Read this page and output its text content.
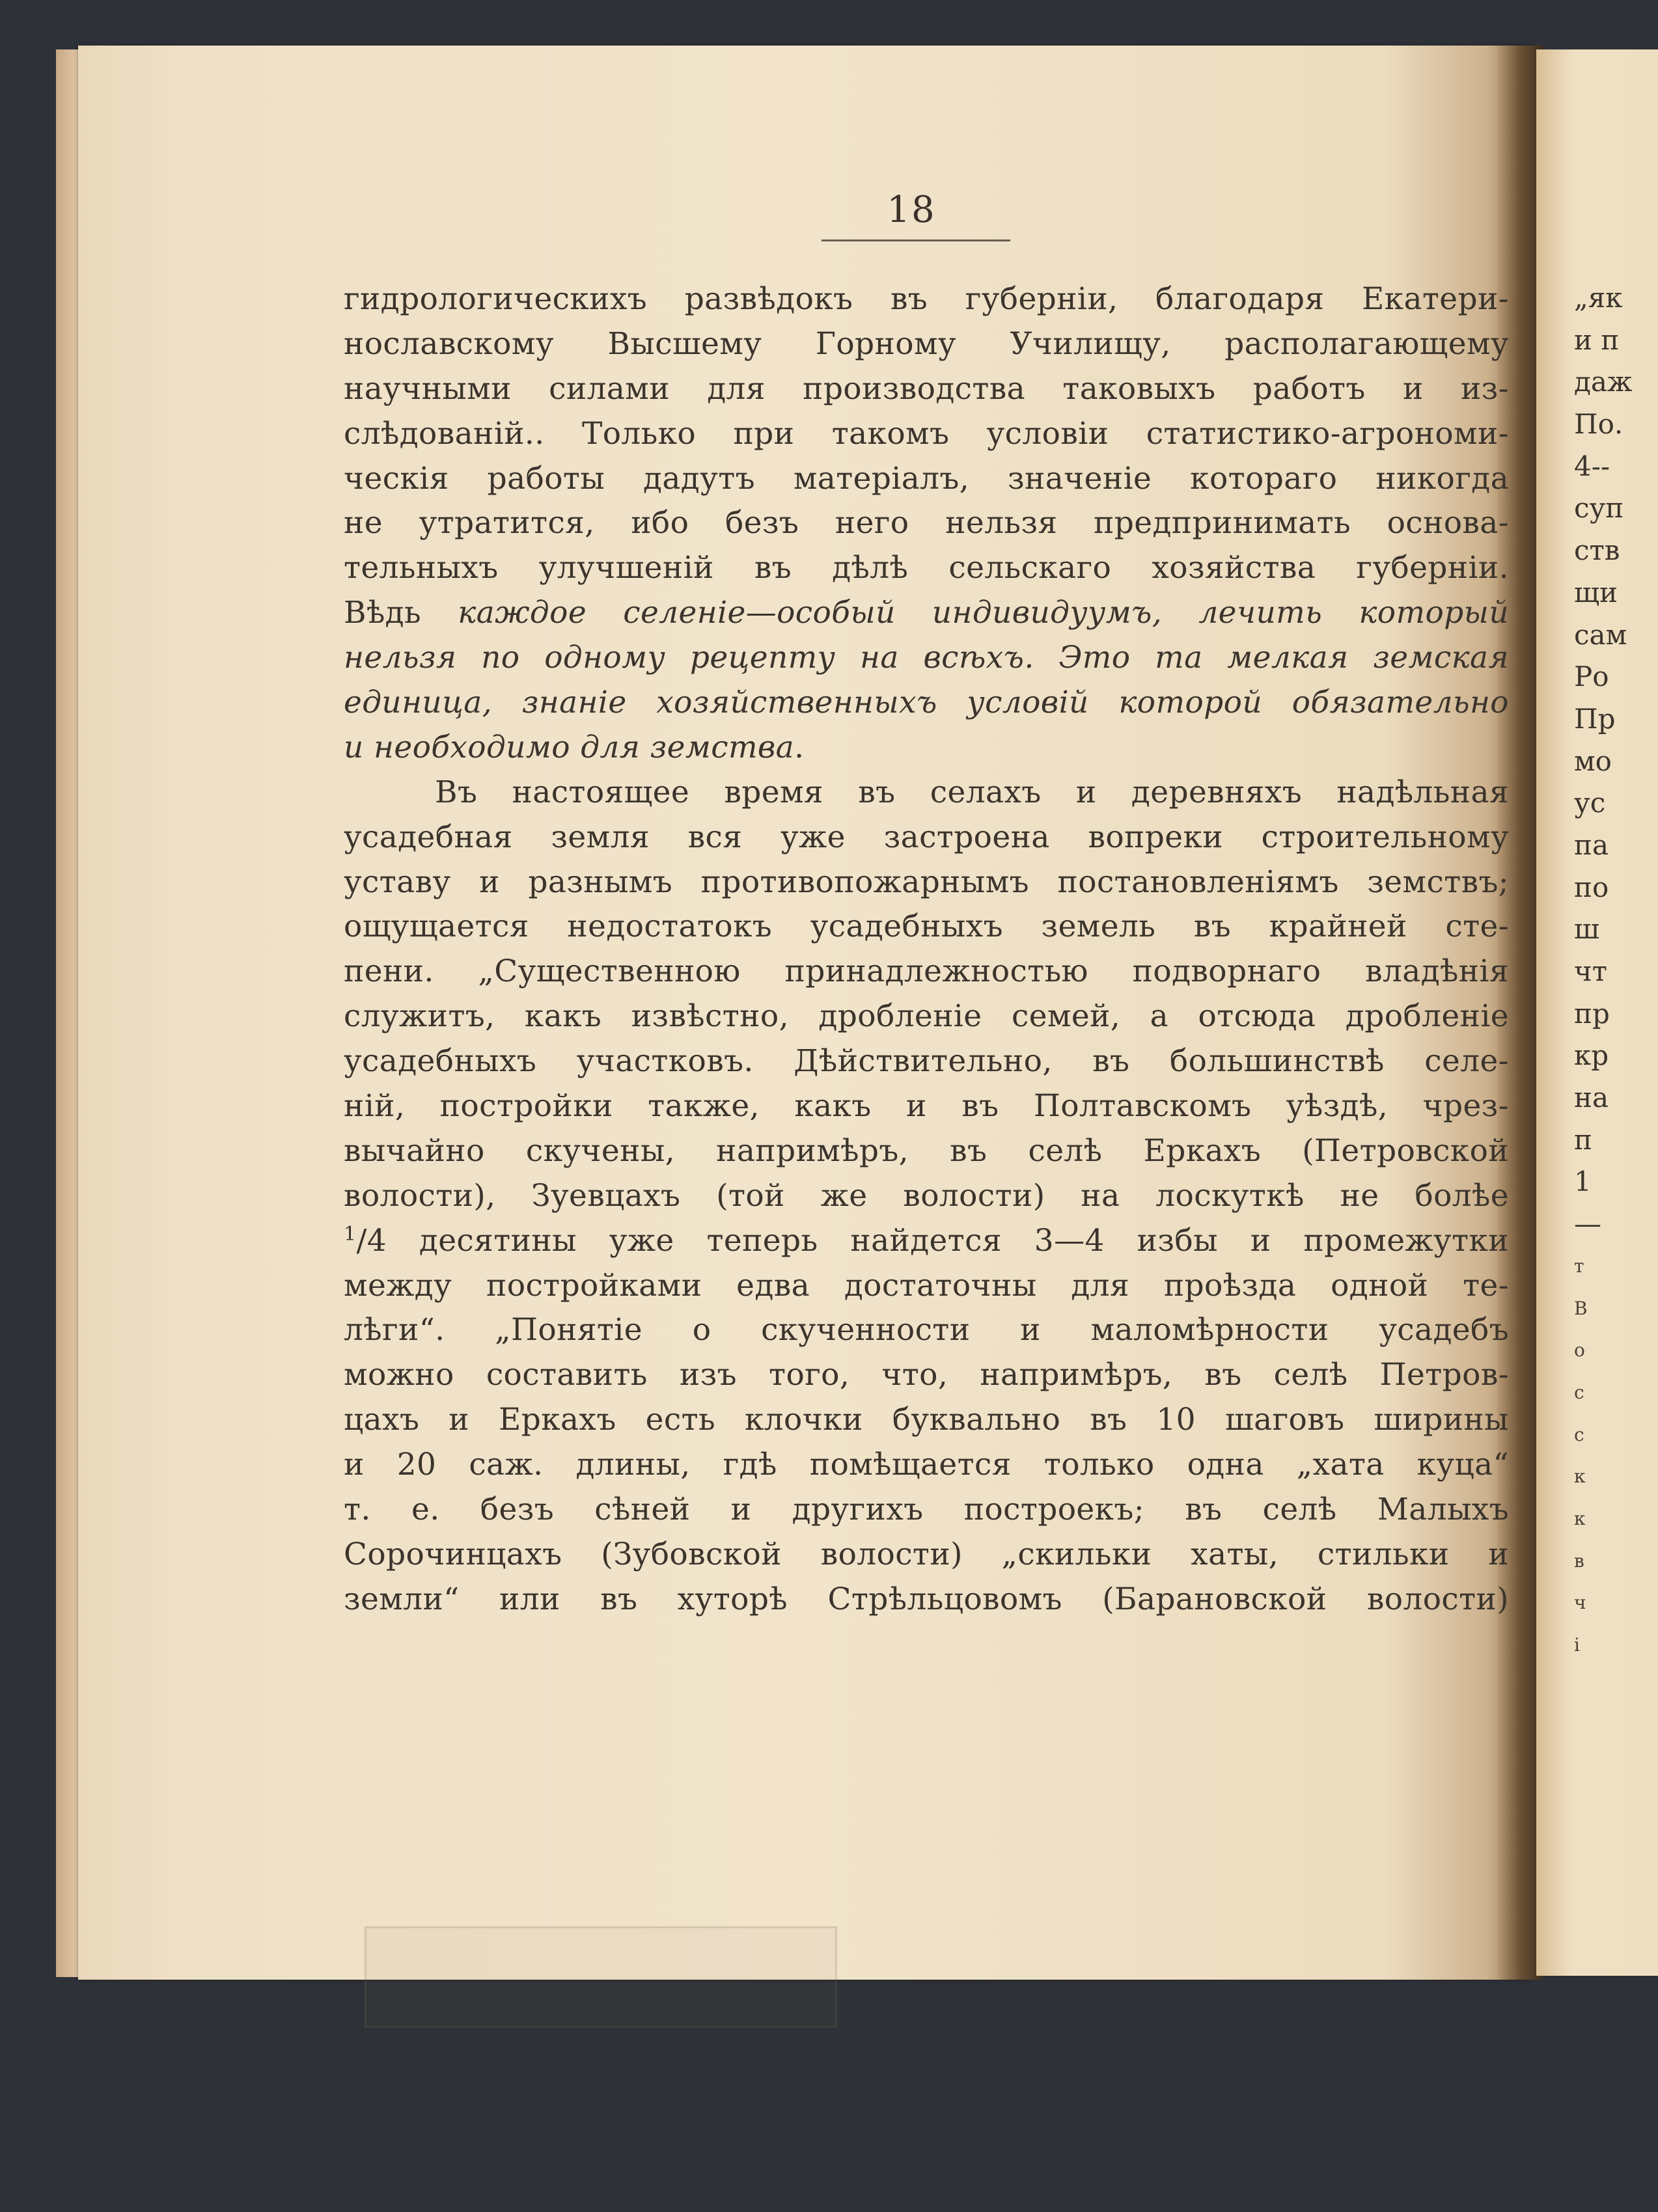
18
гидрологическихъ развѣдокъ въ губерніи, благодаря Екатери-
нославскому Высшему Горному Училищу, располагающему
научными силами для производства таковыхъ работъ и из-
слѣдованій.. Только при такомъ условіи статистико-агрономи-
ческія работы дадутъ матеріалъ, значеніе котораго никогда
не утратится, ибо безъ него нельзя предпринимать основа-
тельныхъ улучшеній въ дѣлѣ сельскаго хозяйства губерніи.
Вѣдь каждое селеніе—особый индивидуумъ, лечить который
нельзя по одному рецепту на всѣхъ. Это та мелкая земская
единица, знаніе хозяйственныхъ условій которой обязательно
и необходимо для земства.
Въ настоящее время въ селахъ и деревняхъ надѣльная
усадебная земля вся уже застроена вопреки строительному
уставу и разнымъ противопожарнымъ постановленіямъ земствъ;
ощущается недостатокъ усадебныхъ земель въ крайней сте-
пени. „Существенною принадлежностью подворнаго владѣнія
служитъ, какъ извѣстно, дробленіе семей, а отсюда дробленіе
усадебныхъ участковъ. Дѣйствительно, въ большинствѣ селе-
ній, постройки также, какъ и въ Полтавскомъ уѣздѣ, чрез-
вычайно скучены, напримѣръ, въ селѣ Еркахъ (Петровской
волости), Зуевцахъ (той же волости) на лоскуткѣ не болѣе
$^1$/4 десятины уже теперь найдется 3—4 избы и промежутки
между постройками едва достаточны для проѣзда одной те-
лѣги“. „Понятіе о скученности и маломѣрности усадебъ
можно составить изъ того, что, напримѣръ, въ селѣ Петров-
цахъ и Еркахъ есть клочки буквально въ 10 шаговъ ширины
и 20 саж. длины, гдѣ помѣщается только одна „хата куца“
т. е. безъ сѣней и другихъ построекъ; въ селѣ Малыхъ
Сорочинцахъ (Зубовской волости) „скильки хаты, стильки и
земли“ или въ хуторѣ Стрѣльцовомъ (Барановской волости)
„як
и п
даж
По.
4--
суп
ств
щи
сам
Ро
Пр
мо
ус
па
по
ш
чт
пр
кр
на
п
1
—
т
В
о
с
с
к
к
в
ч
i
